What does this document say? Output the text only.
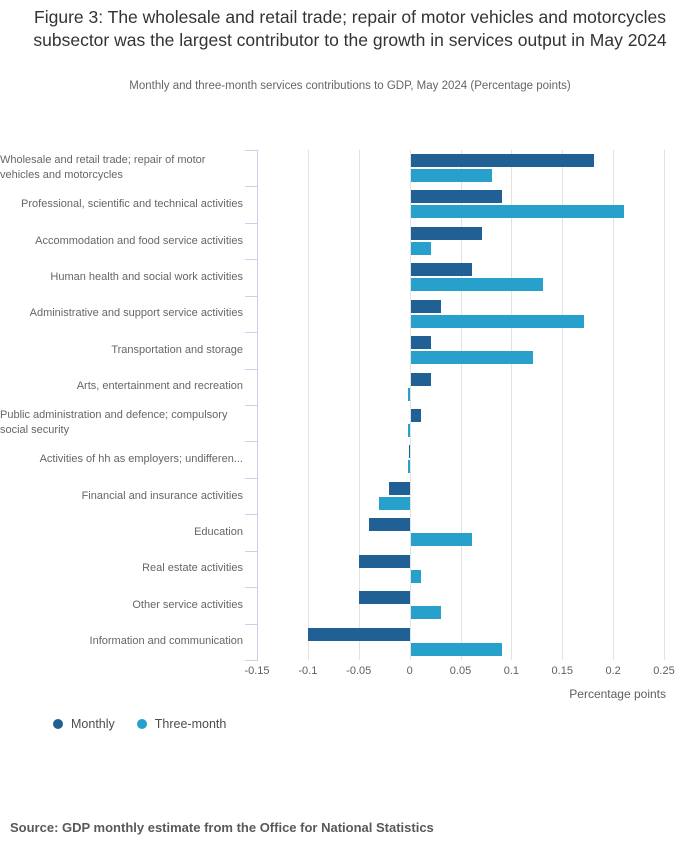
Figure 3: The wholesale and retail trade; repair of motor vehicles and motorcycles subsector was the largest contributor to the growth in services output in May 2024
Monthly and three-month services contributions to GDP, May 2024 (Percentage points)
Percentage points
-0.15	-0.1	-0.05	0	0.05	0.1	0.15	0.2	0.25
Wholesale and retail trade; repair of motor vehicles and motorcycles
Professional, scientific and technical activities
Accommodation and food service activities
Human health and social work activities
Administrative and support service activities
Transportation and storage
Arts, entertainment and recreation
Public administration and defence; compulsory social security
Activities of hh as employers; undifferen...
Financial and insurance activities
Education
Real estate activities
Other service activities
Information and communication
Monthly	Three-month
Source: GDP monthly estimate from the Office for National Statistics
